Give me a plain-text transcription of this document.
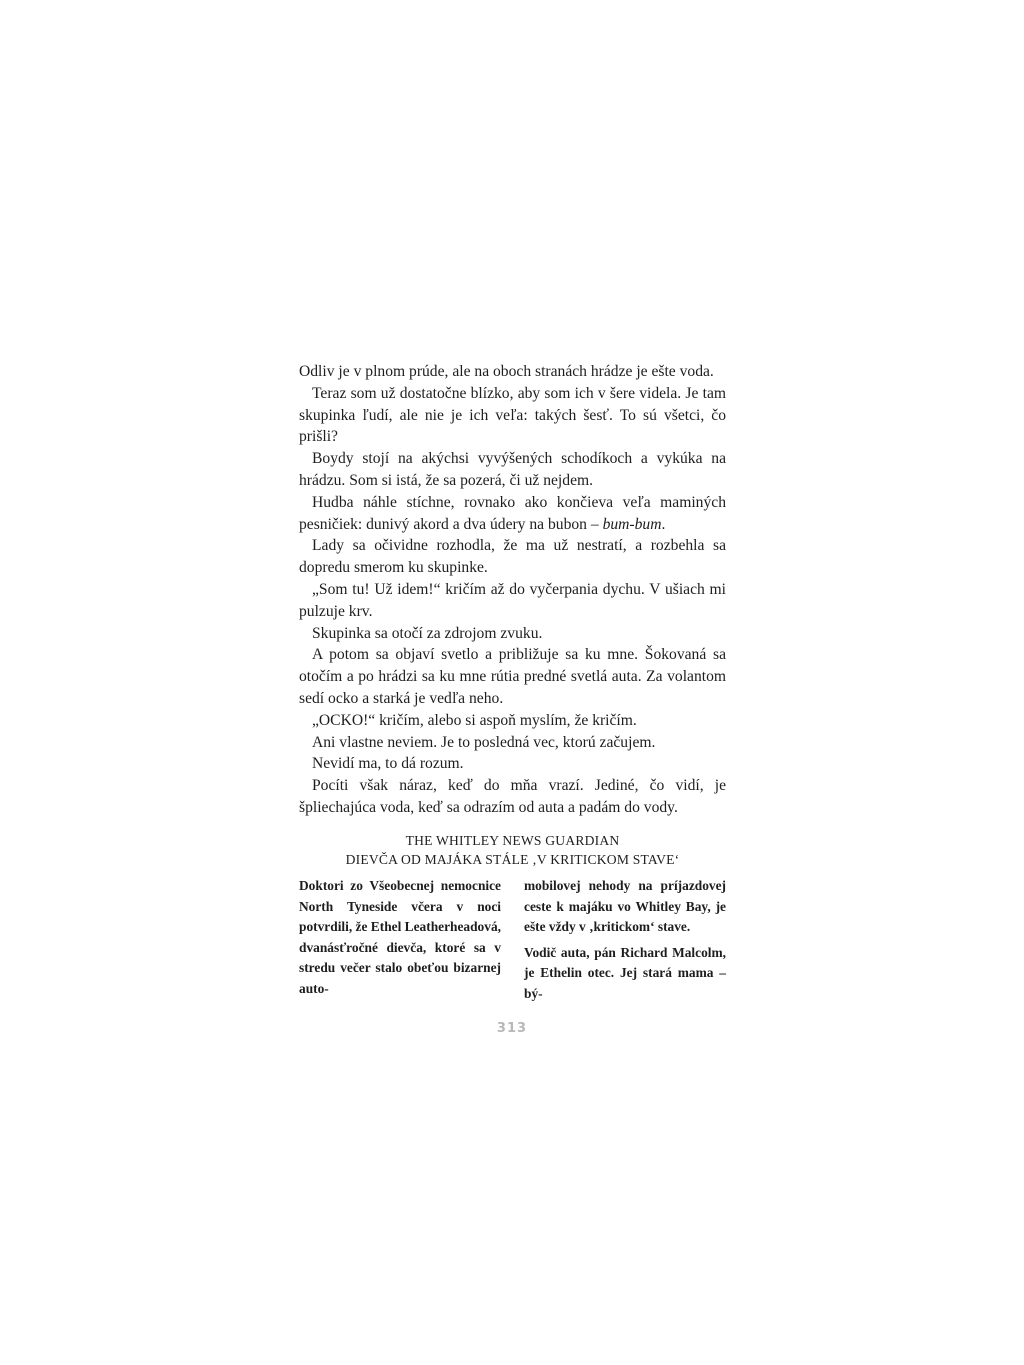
Odliv je v plnom prúde, ale na oboch stranách hrádze je ešte voda.

Teraz som už dostatočne blízko, aby som ich v šere videla. Je tam skupinka ľudí, ale nie je ich veľa: takých šesť. To sú všetci, čo prišli?

Boydy stojí na akýchsi vyvýšených schodíkoch a vykúka na hrádzu. Som si istá, že sa pozerá, či už nejdem.

Hudba náhle stíchne, rovnako ako končieva veľa maminých pesničiek: dunivý akord a dva údery na bubon – bum-bum.

Lady sa očividne rozhodla, že ma už nestratí, a rozbehla sa dopredu smerom ku skupinke.

„Som tu! Už idem!“ kričím až do vyčerpania dychu. V ušiach mi pulzuje krv.

Skupinka sa otočí za zdrojom zvuku.

A potom sa objaví svetlo a približuje sa ku mne. Šokovaná sa otočím a po hrádzi sa ku mne rútia predné svetlá auta. Za volantom sedí ocko a starká je vedľa neho.

„OCKO!“ kričím, alebo si aspoň myslím, že kričím.

Ani vlastne neviem. Je to posledná vec, ktorú začujem.

Nevidí ma, to dá rozum.

Pocíti však náraz, keď do mňa vrazí. Jediné, čo vidí, je špliechajúca voda, keď sa odrazím od auta a padám do vody.

THE WHITLEY NEWS GUARDIAN
DIEVČA OD MAJÁKA STÁLE ‚V KRITICKOM STAVE‘

Doktori zo Všeobecnej nemocnice North Tyneside včera v noci potvrdili, že Ethel Leatherheadová, dvanásťročné dievča, ktoré sa v stredu večer stalo obeťou bizarnej auto-

mobilovej nehody na príjazdovej ceste k majáku vo Whitley Bay, je ešte vždy v ‚kritickom‘ stave.

Vodič auta, pán Richard Malcolm, je Ethelin otec. Jej stará mama – bý-

313
